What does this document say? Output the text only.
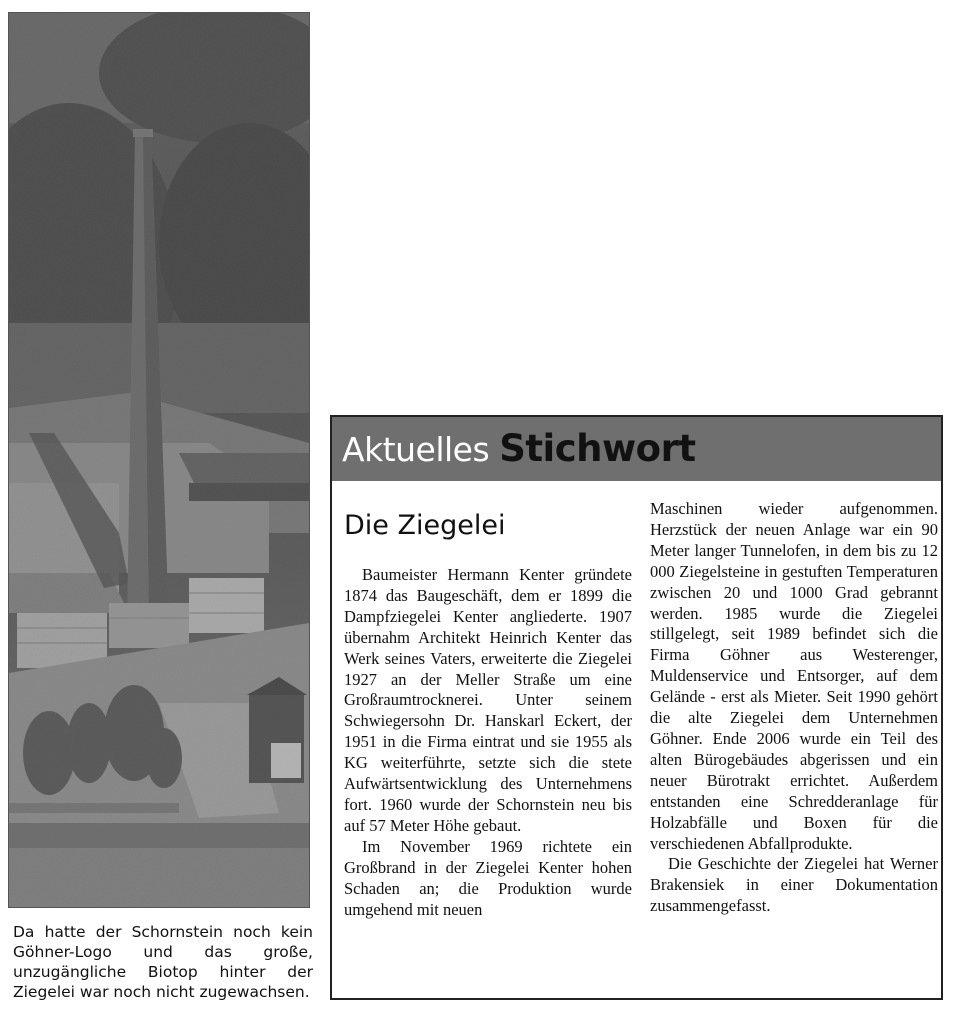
Da hatte der Schornstein noch kein Göhner-Logo und das große, unzugängliche Biotop hinter der Ziegelei war noch nicht zugewachsen.

Aktuelles Stichwort
Die Ziegelei

Baumeister Hermann Kenter gründete 1874 das Baugeschäft, dem er 1899 die Dampfziegelei Kenter angliederte. 1907 übernahm Architekt Heinrich Kenter das Werk seines Vaters, erweiterte die Ziegelei 1927 an der Meller Straße um eine Großraumtrocknerei. Unter seinem Schwiegersohn Dr. Hanskarl Eckert, der 1951 in die Firma eintrat und sie 1955 als KG weiterführte, setzte sich die stete Aufwärtsentwicklung des Unternehmens fort. 1960 wurde der Schornstein neu bis auf 57 Meter Höhe gebaut.

Im November 1969 richtete ein Großbrand in der Ziegelei Kenter hohen Schaden an; die Produktion wurde umgehend mit neuen

Maschinen wieder aufgenommen. Herzstück der neuen Anlage war ein 90 Meter langer Tunnelofen, in dem bis zu 12 000 Ziegelsteine in gestuften Temperaturen zwischen 20 und 1000 Grad gebrannt werden. 1985 wurde die Ziegelei stillgelegt, seit 1989 befindet sich die Firma Göhner aus Westerenger, Muldenservice und Entsorger, auf dem Gelände - erst als Mieter. Seit 1990 gehört die alte Ziegelei dem Unternehmen Göhner. Ende 2006 wurde ein Teil des alten Bürogebäudes abgerissen und ein neuer Bürotrakt errichtet. Außerdem entstanden eine Schredderanlage für Holzabfälle und Boxen für die verschiedenen Abfallprodukte.

Die Geschichte der Ziegelei hat Werner Brakensiek in einer Dokumentation zusammengefasst.
